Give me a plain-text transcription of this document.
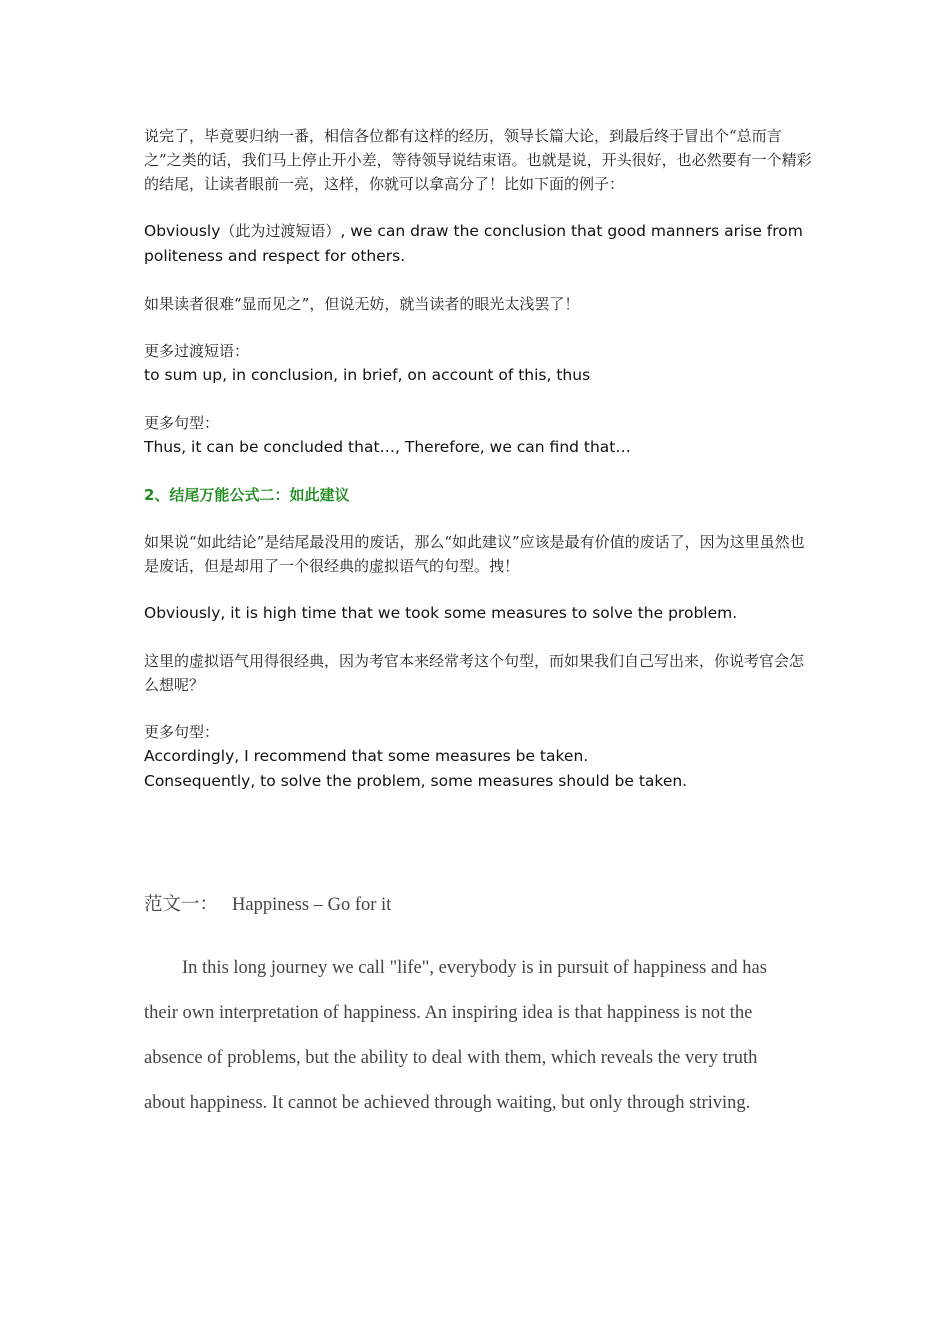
说完了，毕竟要归纳一番，相信各位都有这样的经历，领导长篇大论，到最后终于冒出个“总而言之”之类的话，我们马上停止开小差，等待领导说结束语。也就是说，开头很好，也必然要有一个精彩的结尾，让读者眼前一亮，这样，你就可以拿高分了！比如下面的例子：

Obviously（此为过渡短语）, we can draw the conclusion that good manners arise from politeness and respect for others.

如果读者很难“显而见之”，但说无妨，就当读者的眼光太浅罢了！

更多过渡短语：

to sum up, in conclusion, in brief, on account of this, thus

更多句型：

Thus, it can be concluded that…, Therefore, we can find that…

2、结尾万能公式二：如此建议

如果说“如此结论”是结尾最没用的废话，那么“如此建议”应该是最有价值的废话了，因为这里虽然也是废话，但是却用了一个很经典的虚拟语气的句型。拽！

Obviously, it is high time that we took some measures to solve the problem.

这里的虚拟语气用得很经典，因为考官本来经常考这个句型，而如果我们自己写出来，你说考官会怎么想呢？

更多句型：

Accordingly, I recommend that some measures be taken.

Consequently, to solve the problem, some measures should be taken.

范文一： Happiness – Go for it

In this long journey we call "life", everybody is in pursuit of happiness and has their own interpretation of happiness. An inspiring idea is that happiness is not the absence of problems, but the ability to deal with them, which reveals the very truth about happiness. It cannot be achieved through waiting, but only through striving.
